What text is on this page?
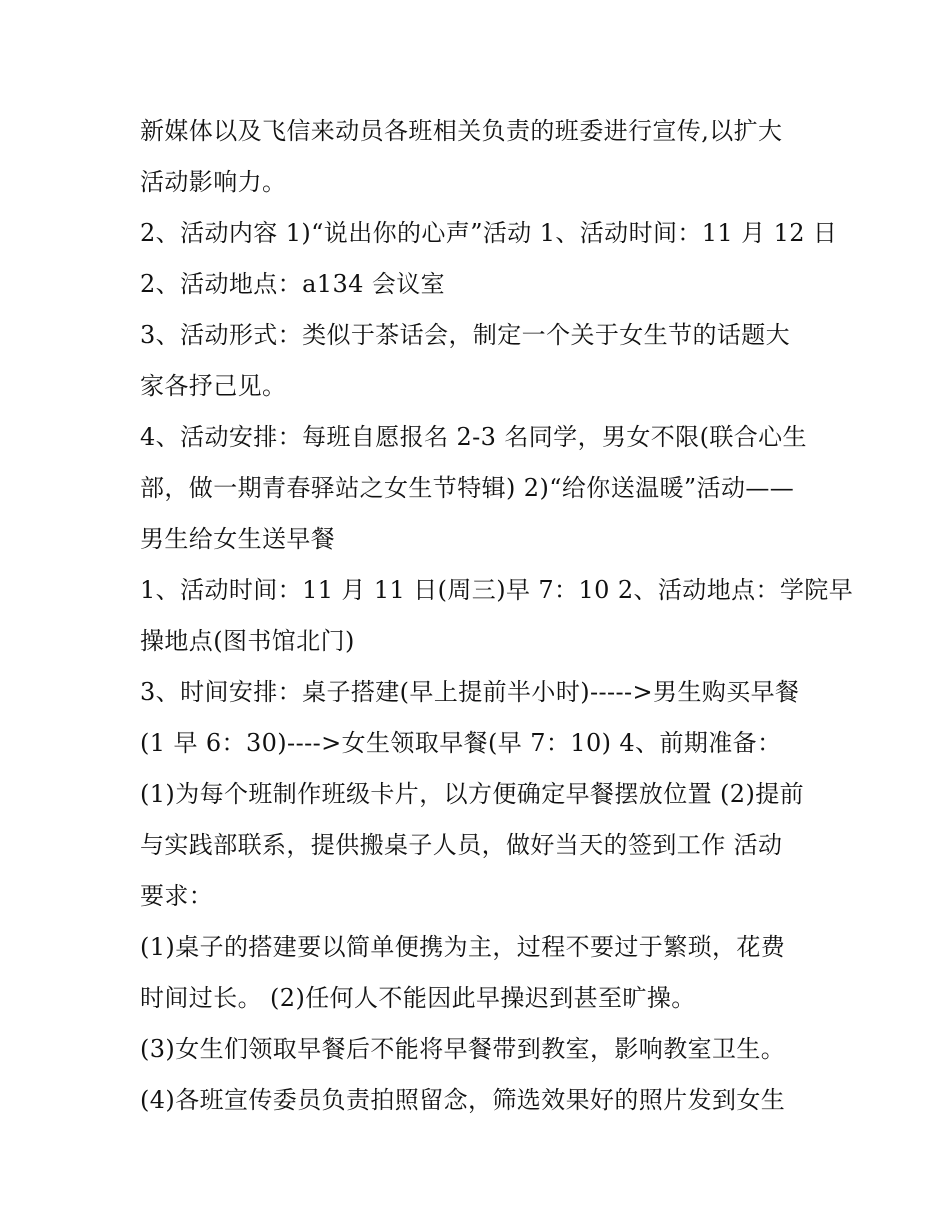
新媒体以及飞信来动员各班相关负责的班委进行宣传,以扩大
活动影响力。
2、活动内容 1)“说出你的心声”活动 1、活动时间：11 月 12 日
2、活动地点：a134 会议室
3、活动形式：类似于茶话会，制定一个关于女生节的话题大
家各抒己见。
4、活动安排：每班自愿报名 2-3 名同学，男女不限(联合心生
部，做一期青春驿站之女生节特辑) 2)“给你送温暖”活动——
男生给女生送早餐
1、活动时间：11 月 11 日(周三)早 7：10 2、活动地点：学院早
操地点(图书馆北门)
3、时间安排：桌子搭建(早上提前半小时)----->男生购买早餐
(1 早 6：30)---->女生领取早餐(早 7：10) 4、前期准备：
(1)为每个班制作班级卡片，以方便确定早餐摆放位置 (2)提前
与实践部联系，提供搬桌子人员，做好当天的签到工作 活动
要求：
(1)桌子的搭建要以简单便携为主，过程不要过于繁琐，花费
时间过长。 (2)任何人不能因此早操迟到甚至旷操。
(3)女生们领取早餐后不能将早餐带到教室，影响教室卫生。
(4)各班宣传委员负责拍照留念，筛选效果好的照片发到女生
